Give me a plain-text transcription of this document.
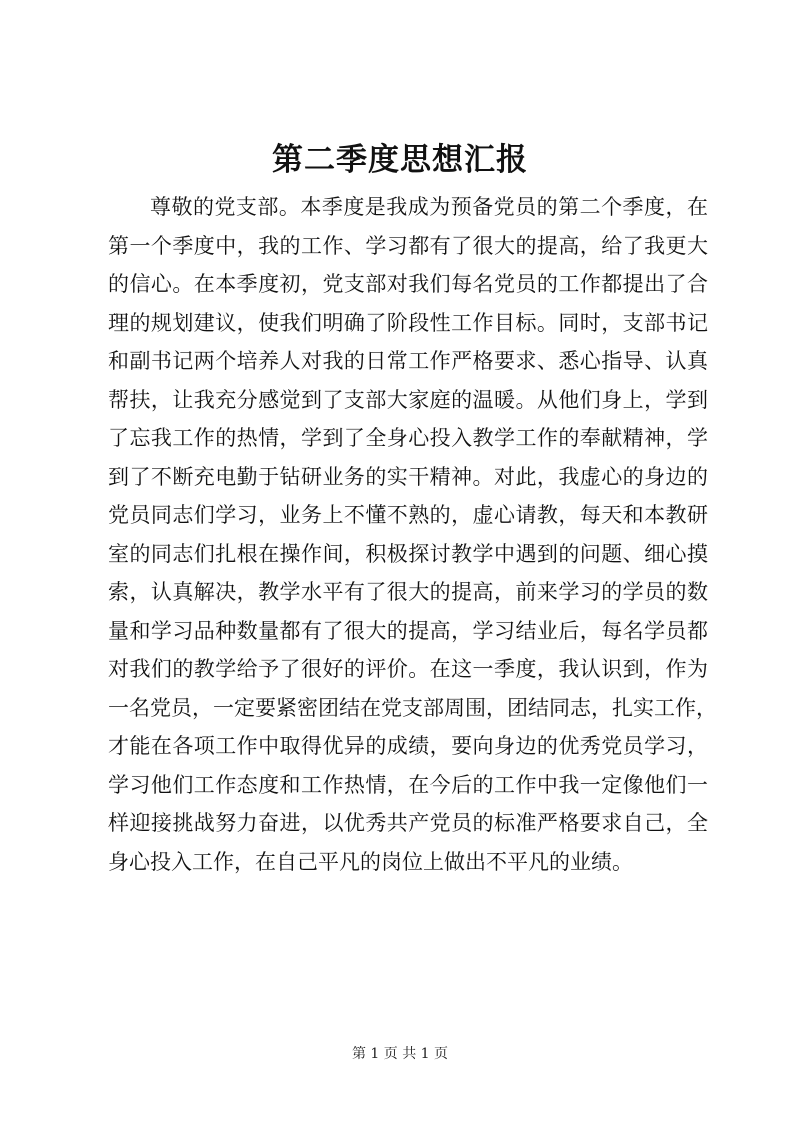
第二季度思想汇报
尊敬的党支部。本季度是我成为预备党员的第二个季度，在
第一个季度中，我的工作、学习都有了很大的提高，给了我更大
的信心。在本季度初，党支部对我们每名党员的工作都提出了合
理的规划建议，使我们明确了阶段性工作目标。同时，支部书记
和副书记两个培养人对我的日常工作严格要求、悉心指导、认真
帮扶，让我充分感觉到了支部大家庭的温暖。从他们身上，学到
了忘我工作的热情，学到了全身心投入教学工作的奉献精神，学
到了不断充电勤于钻研业务的实干精神。对此，我虚心的身边的
党员同志们学习，业务上不懂不熟的，虚心请教，每天和本教研
室的同志们扎根在操作间，积极探讨教学中遇到的问题、细心摸
索，认真解决，教学水平有了很大的提高，前来学习的学员的数
量和学习品种数量都有了很大的提高，学习结业后，每名学员都
对我们的教学给予了很好的评价。在这一季度，我认识到，作为
一名党员，一定要紧密团结在党支部周围，团结同志，扎实工作，
才能在各项工作中取得优异的成绩，要向身边的优秀党员学习，
学习他们工作态度和工作热情，在今后的工作中我一定像他们一
样迎接挑战努力奋进，以优秀共产党员的标准严格要求自己，全
身心投入工作，在自己平凡的岗位上做出不平凡的业绩。
第 1 页 共 1 页
